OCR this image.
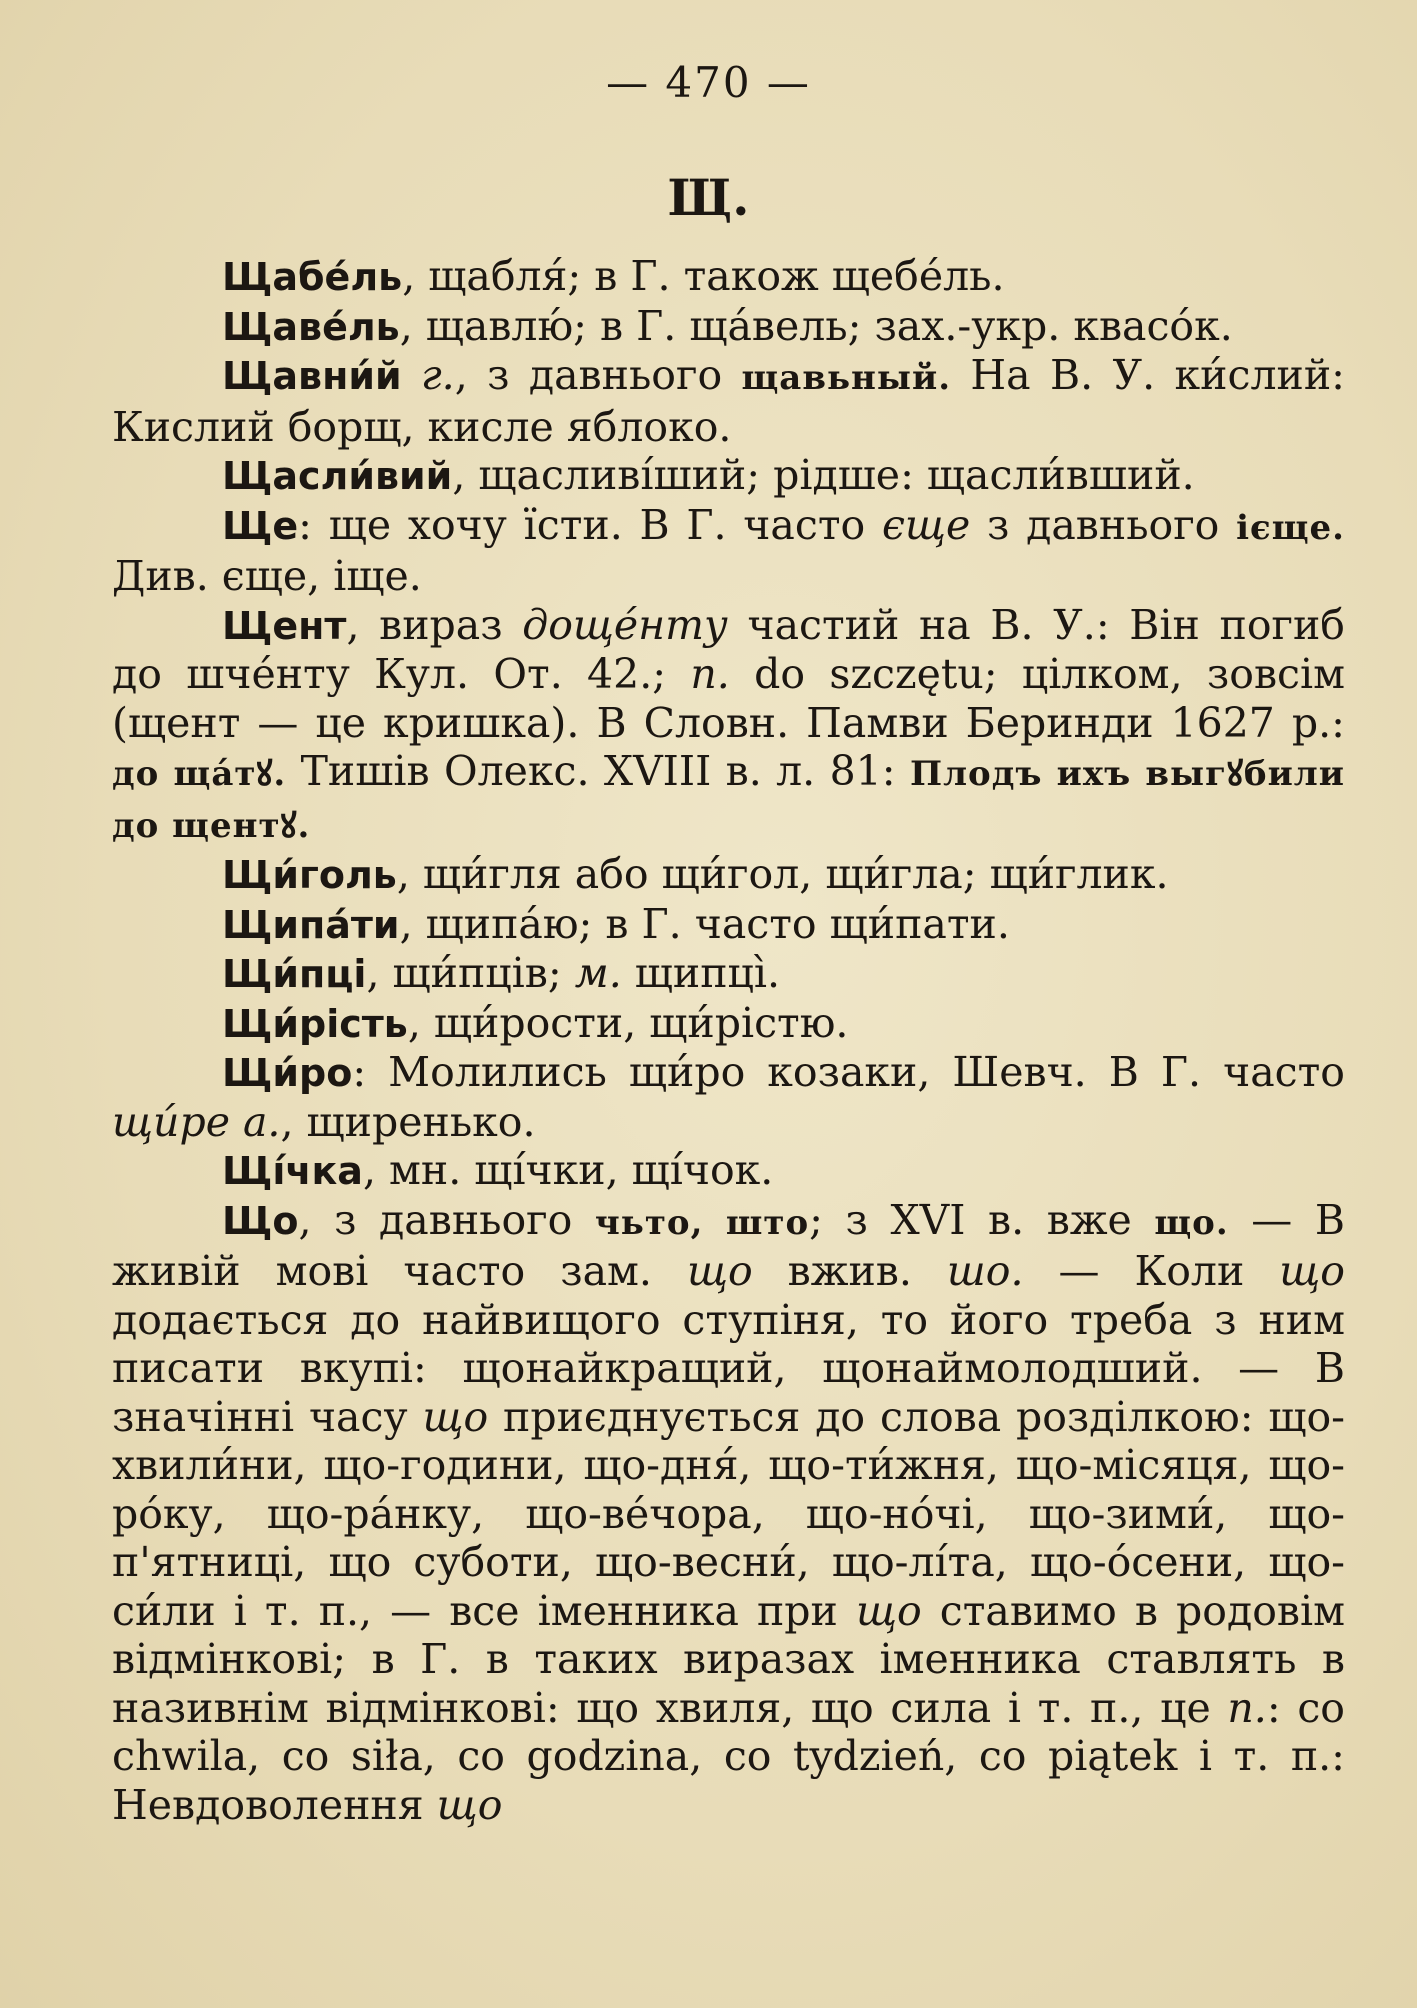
— 470 —
Щ.

Щабе́ль, щабля́; в Г. також щебе́ль.

Щаве́ль, щавлю́; в Г. ща́вель; зах.-укр. квасо́к.

Щавни́й г., з давнього щавьный. На В. У. ки́слий: Кислий борщ, кисле яблоко.

Щасли́вий, щасливі́ший; рідше: щасли́вший.

Ще: ще хочу їсти. В Г. часто єще з давнього ієще. Див. єще, іще.

Щент, вираз доще́нту частий на В. У.: Він погиб до шче́нту Кул. От. 42.; п. do szczętu; цілком, зовсім (щент — це кришка). В Словн. Памви Беринди 1627 р.: до ща́тꙋ. Тишів Олекс. XVIII в. л. 81: Плодъ ихъ выгꙋбили до щентꙋ.

Щи́голь, щи́гля або щи́гол, щи́гла; щи́глик.

Щипа́ти, щипа́ю; в Г. часто щи́пати.

Щи́пці, щи́пців; м. щипці̀.

Щи́рість, щи́рости, щи́рістю.

Щи́ро: Молились щи́ро козаки, Шевч. В Г. часто щи́ре а., щиренько.

Щі́чка, мн. щі́чки, щі́чок.

Що, з давнього чьто, што; з XVI в. вже що. — В живій мові часто зам. що вжив. шо. — Коли що додається до найвищого ступіня, то його треба з ним писати вкупі: щонайкращий, щонаймолодший. — В значінні часу що приєднується до слова розділкою: що-хвили́ни, що-години, що-дня́, що-ти́жня, що-місяця, що-ро́ку, що-ра́нку, що-ве́чора, що-но́чі, що-зими́, що-п'ятниці, що суботи, що-весни́, що-лі́та, що-о́сени, що-си́ли і т. п., — все іменника при що ставимо в родовім відмінкові; в Г. в таких виразах іменника ставлять в називнім відмінкові: що хвиля, що сила і т. п., це п.: co chwila, co siła, co godzina, co tydzień, co piątek і т. п.: Невдоволення що
